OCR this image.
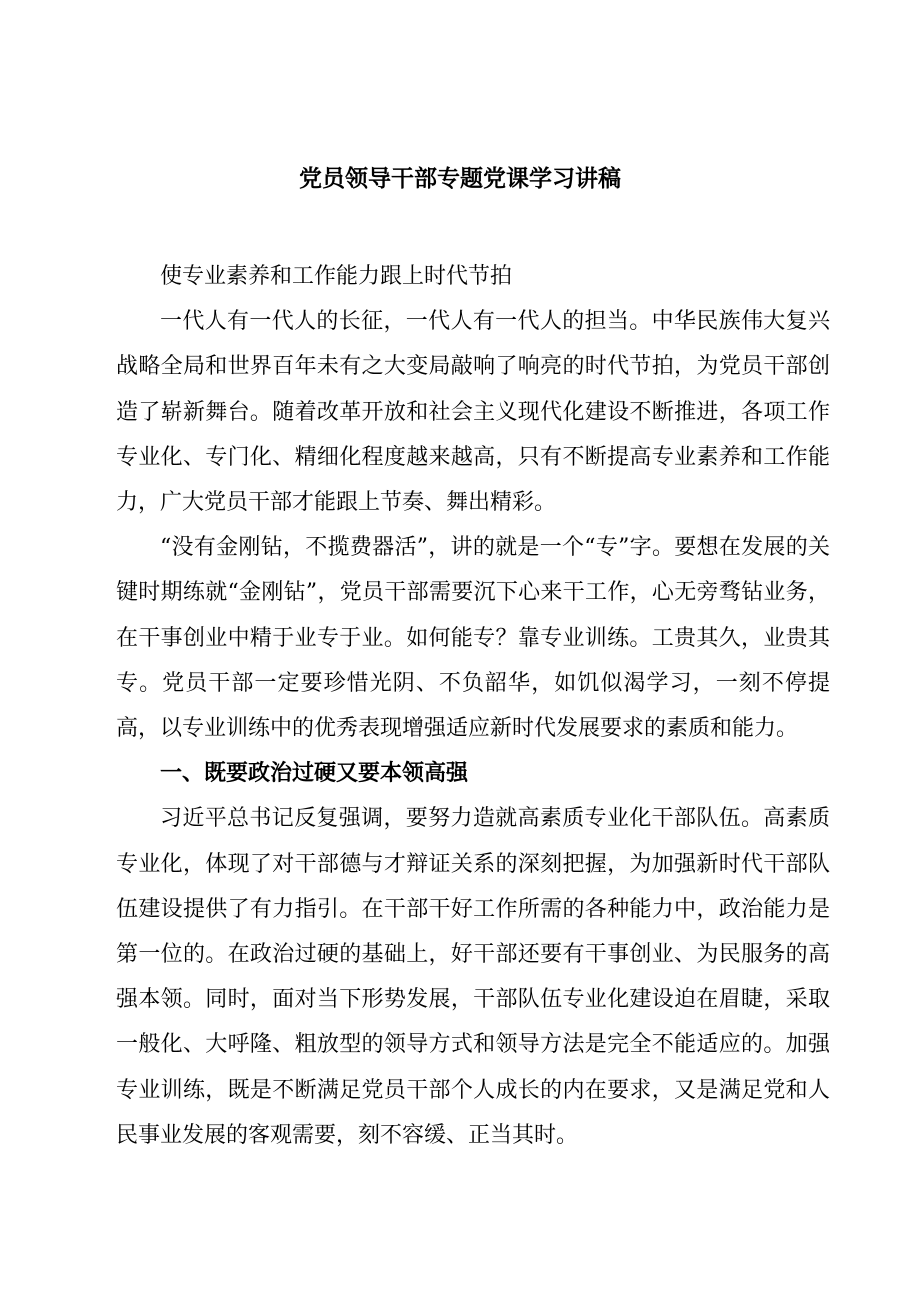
党员领导干部专题党课学习讲稿

使专业素养和工作能力跟上时代节拍

一代人有一代人的长征，一代人有一代人的担当。中华民族伟大复兴战略全局和世界百年未有之大变局敲响了响亮的时代节拍，为党员干部创造了崭新舞台。随着改革开放和社会主义现代化建设不断推进，各项工作专业化、专门化、精细化程度越来越高，只有不断提高专业素养和工作能力，广大党员干部才能跟上节奏、舞出精彩。

“没有金刚钻，不揽费器活”，讲的就是一个“专”字。要想在发展的关键时期练就“金刚钻”，党员干部需要沉下心来干工作，心无旁骛钻业务，在干事创业中精于业专于业。如何能专？靠专业训练。工贵其久，业贵其专。党员干部一定要珍惜光阴、不负韶华，如饥似渴学习，一刻不停提高，以专业训练中的优秀表现增强适应新时代发展要求的素质和能力。

一、既要政治过硬又要本领高强

习近平总书记反复强调，要努力造就高素质专业化干部队伍。高素质专业化，体现了对干部德与才辩证关系的深刻把握，为加强新时代干部队伍建设提供了有力指引。在干部干好工作所需的各种能力中，政治能力是第一位的。在政治过硬的基础上，好干部还要有干事创业、为民服务的高强本领。同时，面对当下形势发展，干部队伍专业化建设迫在眉睫，采取一般化、大呼隆、粗放型的领导方式和领导方法是完全不能适应的。加强专业训练，既是不断满足党员干部个人成长的内在要求，又是满足党和人民事业发展的客观需要，刻不容缓、正当其时。
